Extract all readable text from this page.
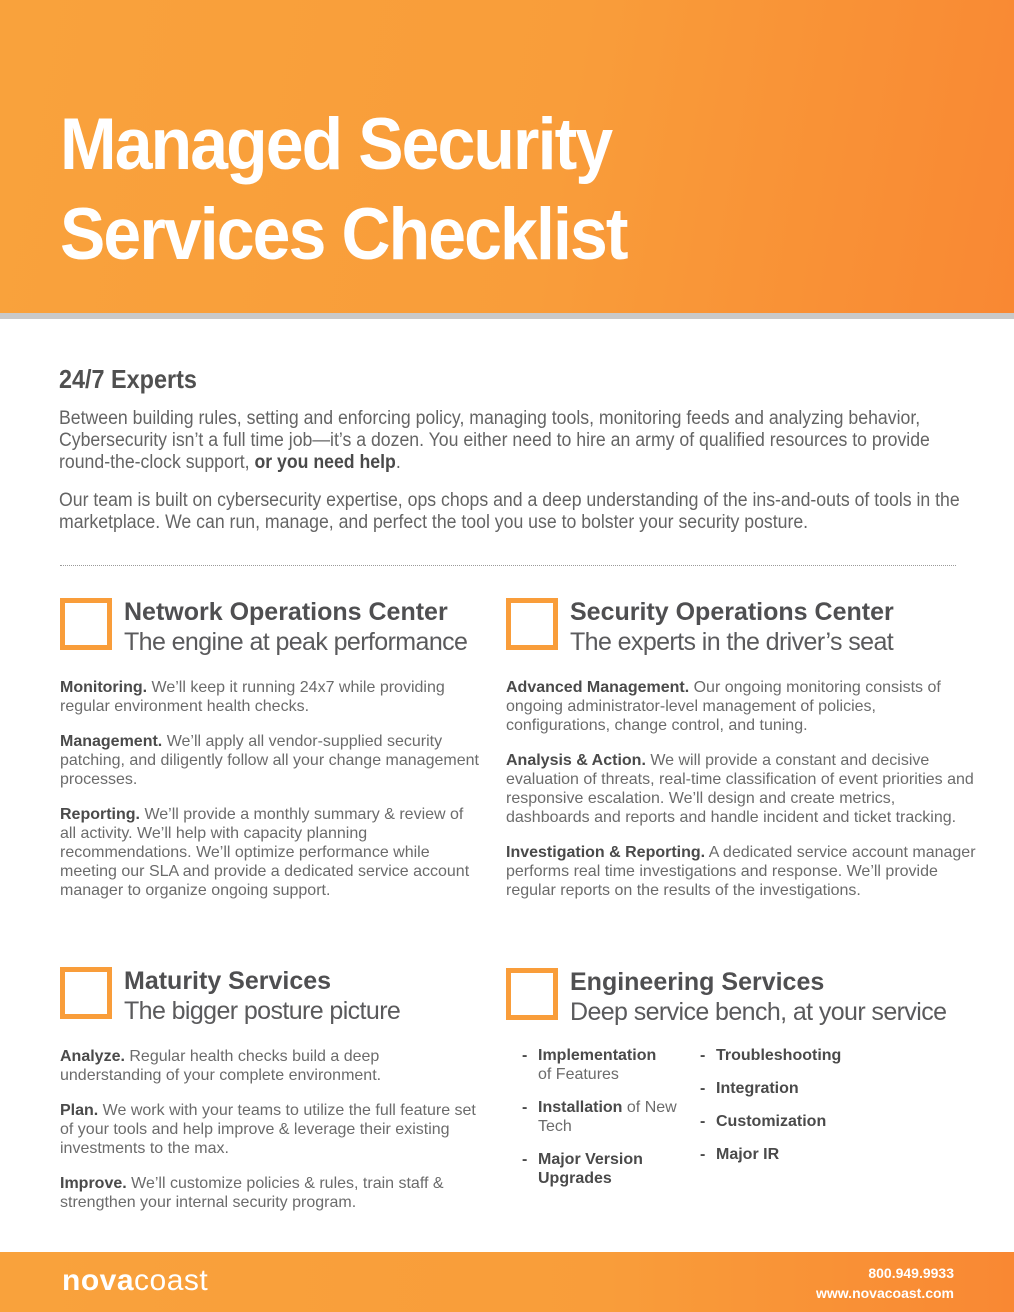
Managed Security
Services Checklist
24/7 Experts

Between building rules, setting and enforcing policy, managing tools, monitoring feeds and analyzing behavior, Cybersecurity isn’t a full time job—it’s a dozen. You either need to hire an army of qualified resources to provide round-the-clock support, or you need help.

Our team is built on cybersecurity expertise, ops chops and a deep understanding of the ins-and-outs of tools in the marketplace. We can run, manage, and perfect the tool you use to bolster your security posture.

Network Operations Center
The engine at peak performance

Monitoring. We’ll keep it running 24x7 while providing regular environment health checks.

Management. We’ll apply all vendor-supplied security patching, and diligently follow all your change management processes.

Reporting. We’ll provide a monthly summary & review of all activity. We’ll help with capacity planning recommendations. We’ll optimize performance while meeting our SLA and provide a dedicated service account manager to organize ongoing support.

Security Operations Center
The experts in the driver’s seat

Advanced Management. Our ongoing monitoring consists of ongoing administrator-level management of policies, configurations, change control, and tuning.

Analysis & Action. We will provide a constant and decisive evaluation of threats, real-time classification of event priorities and responsive escalation. We’ll design and create metrics, dashboards and reports and handle incident and ticket tracking.

Investigation & Reporting. A dedicated service account manager performs real time investigations and response. We’ll provide regular reports on the results of the investigations.

Maturity Services
The bigger posture picture

Analyze. Regular health checks build a deep understanding of your complete environment.

Plan. We work with your teams to utilize the full feature set of your tools and help improve & leverage their existing investments to the max.

Improve. We’ll customize policies & rules, train staff & strengthen your internal security program.

Engineering Services
Deep service bench, at your service
- Implementation
of Features
- Installation of New Tech
- Major Version Upgrades
- Troubleshooting
- Integration
- Customization
- Major IR
novacoast	800.949.9933
www.novacoast.com
